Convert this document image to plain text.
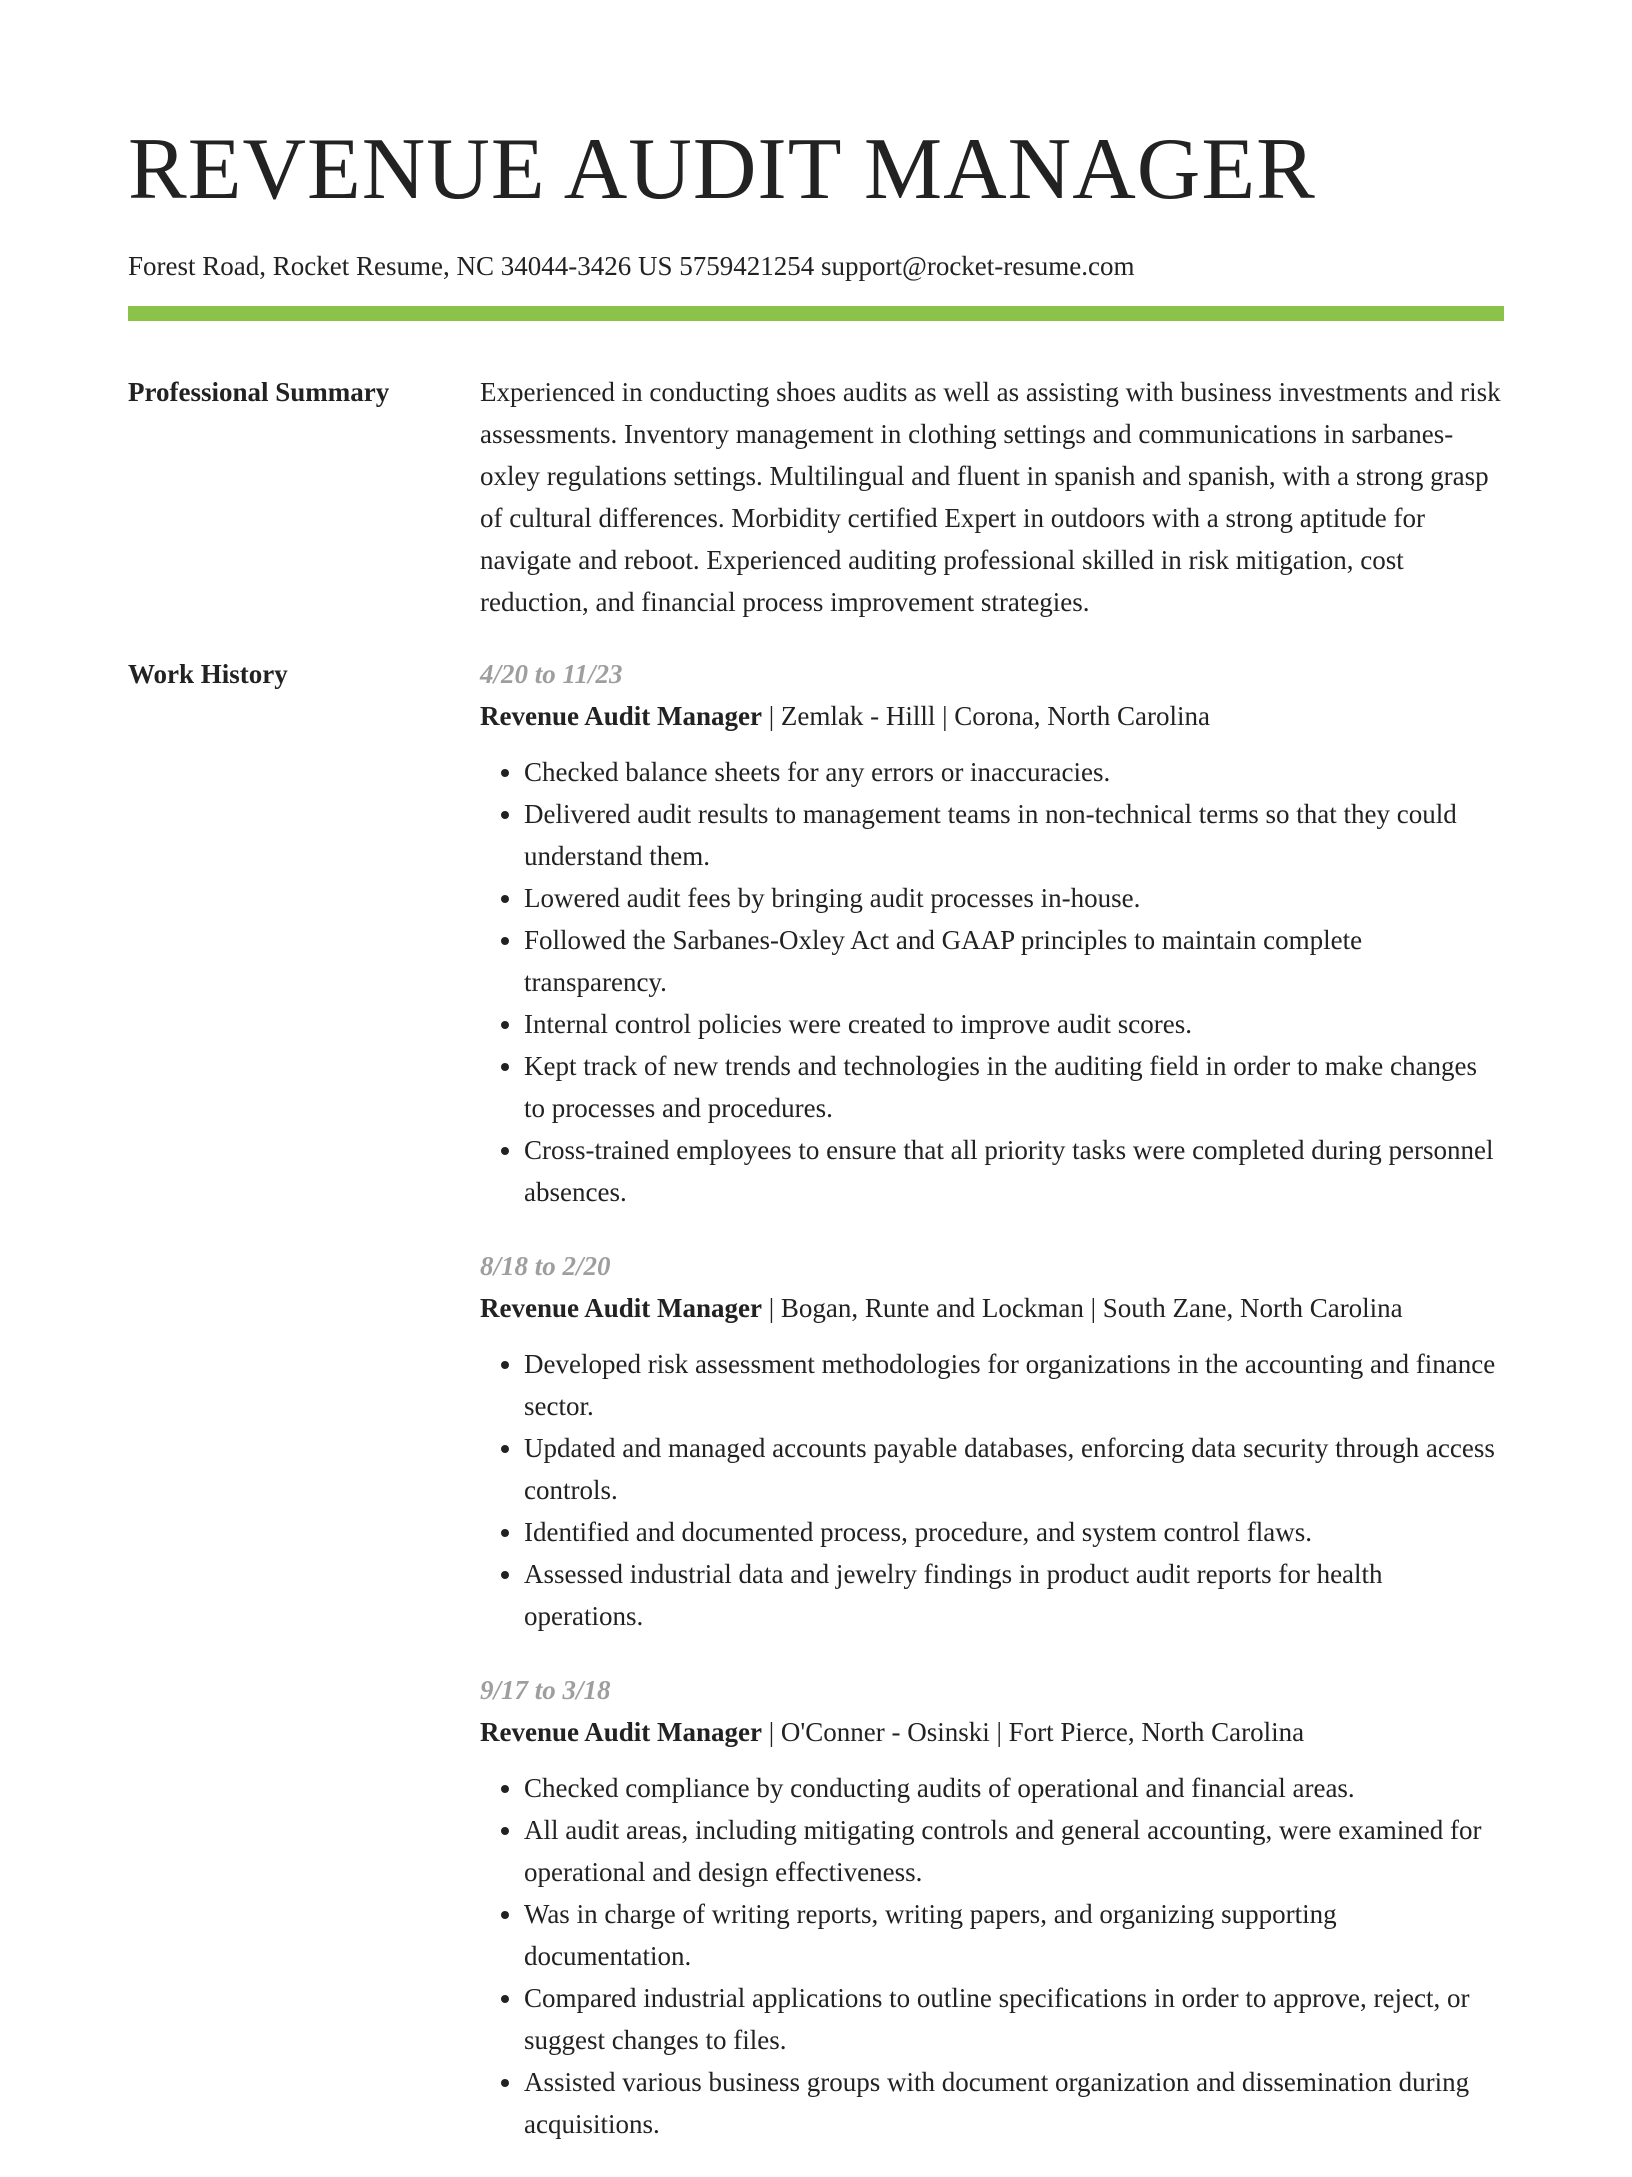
REVENUE AUDIT MANAGER
Forest Road, Rocket Resume, NC 34044-3426 US 5759421254 support@rocket-resume.com
Professional Summary	Experienced in conducting shoes audits as well as assisting with business investments and risk assessments. Inventory management in clothing settings and communications in sarbanes-oxley regulations settings. Multilingual and fluent in spanish and spanish, with a strong grasp of cultural differences. Morbidity certified Expert in outdoors with a strong aptitude for navigate and reboot. Experienced auditing professional skilled in risk mitigation, cost reduction, and financial process improvement strategies.
Work History	4/20 to 11/23
Revenue Audit Manager | Zemlak - Hilll | Corona, North Carolina
• Checked balance sheets for any errors or inaccuracies.
• Delivered audit results to management teams in non-technical terms so that they could understand them.
• Lowered audit fees by bringing audit processes in-house.
• Followed the Sarbanes-Oxley Act and GAAP principles to maintain complete transparency.
• Internal control policies were created to improve audit scores.
• Kept track of new trends and technologies in the auditing field in order to make changes to processes and procedures.
• Cross-trained employees to ensure that all priority tasks were completed during personnel absences.
8/18 to 2/20
Revenue Audit Manager | Bogan, Runte and Lockman | South Zane, North Carolina
• Developed risk assessment methodologies for organizations in the accounting and finance sector.
• Updated and managed accounts payable databases, enforcing data security through access controls.
• Identified and documented process, procedure, and system control flaws.
• Assessed industrial data and jewelry findings in product audit reports for health operations.
9/17 to 3/18
Revenue Audit Manager | O'Conner - Osinski | Fort Pierce, North Carolina
• Checked compliance by conducting audits of operational and financial areas.
• All audit areas, including mitigating controls and general accounting, were examined for operational and design effectiveness.
• Was in charge of writing reports, writing papers, and organizing supporting documentation.
• Compared industrial applications to outline specifications in order to approve, reject, or suggest changes to files.
• Assisted various business groups with document organization and dissemination during acquisitions.
